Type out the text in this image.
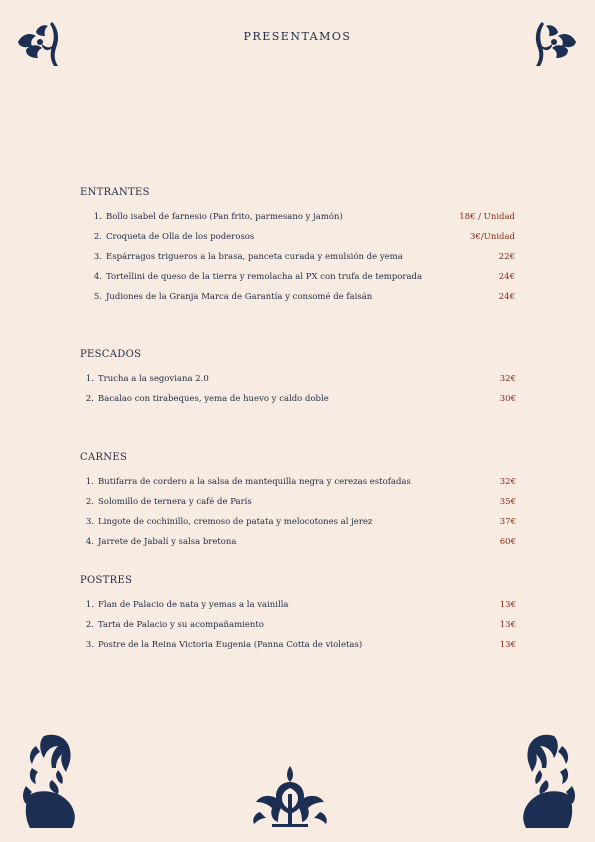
PRESENTAMOS
ENTRANTES
1. Bollo isabel de farnesio (Pan frito, parmesano y jamón)	18€ / Unidad
2. Croqueta de Olla de los poderosos	3€/Unidad
3. Espárragos trigueros a la brasa, panceta curada y emulsión de yema	22€
4. Tortellini de queso de la tierra y remolacha al PX con trufa de temporada	24€
5. Judiones de la Granja Marca de Garantía y consomé de faisán	24€
PESCADOS
1. Trucha a la segoviana 2.0	32€
2. Bacalao con tirabeques, yema de huevo y caldo doble	30€
CARNES
1. Butifarra de cordero a la salsa de mantequilla negra y cerezas estofadas	32€
2. Solomillo de ternera y café de París	35€
3. Lingote de cochinillo, cremoso de patata y melocotones al jerez	37€
4. Jarrete de Jabalí y salsa bretona	60€
POSTRES
1. Flan de Palacio de nata y yemas a la vainilla	13€
2. Tarta de Palacio y su acompañamiento	13€
3. Postre de la Reina Victoria Eugenia (Panna Cotta de violetas)	13€
